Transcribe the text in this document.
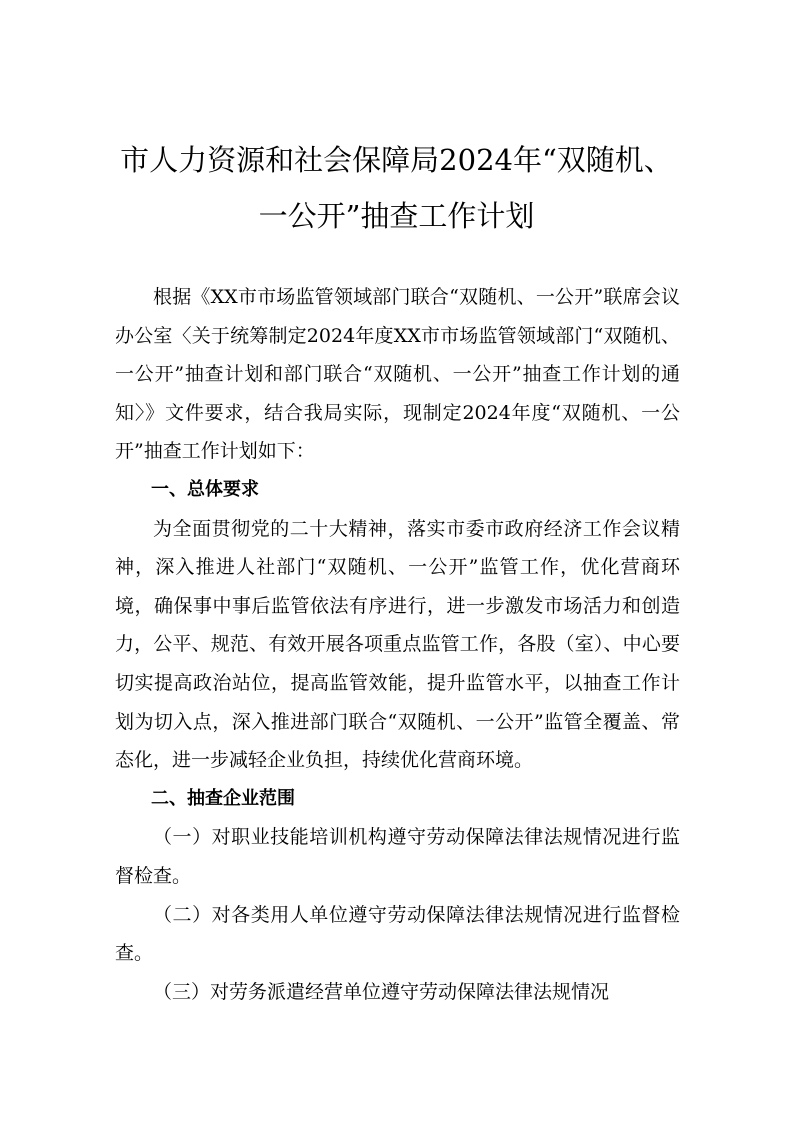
市人力资源和社会保障局2024年“双随机、
一公开”抽查工作计划

根据《XX市市场监管领域部门联合“双随机、一公开”联席会议办公室〈关于统筹制定2024年度XX市市场监管领域部门“双随机、一公开”抽查计划和部门联合“双随机、一公开”抽查工作计划的通知〉》文件要求，结合我局实际，现制定2024年度“双随机、一公开”抽查工作计划如下：

一、总体要求

为全面贯彻党的二十大精神，落实市委市政府经济工作会议精神，深入推进人社部门“双随机、一公开”监管工作，优化营商环境，确保事中事后监管依法有序进行，进一步激发市场活力和创造力，公平、规范、有效开展各项重点监管工作，各股（室）、中心要切实提高政治站位，提高监管效能，提升监管水平，以抽查工作计划为切入点，深入推进部门联合“双随机、一公开”监管全覆盖、常态化，进一步减轻企业负担，持续优化营商环境。

二、抽查企业范围

（一）对职业技能培训机构遵守劳动保障法律法规情况进行监督检查。

（二）对各类用人单位遵守劳动保障法律法规情况进行监督检查。

（三）对劳务派遣经营单位遵守劳动保障法律法规情况
